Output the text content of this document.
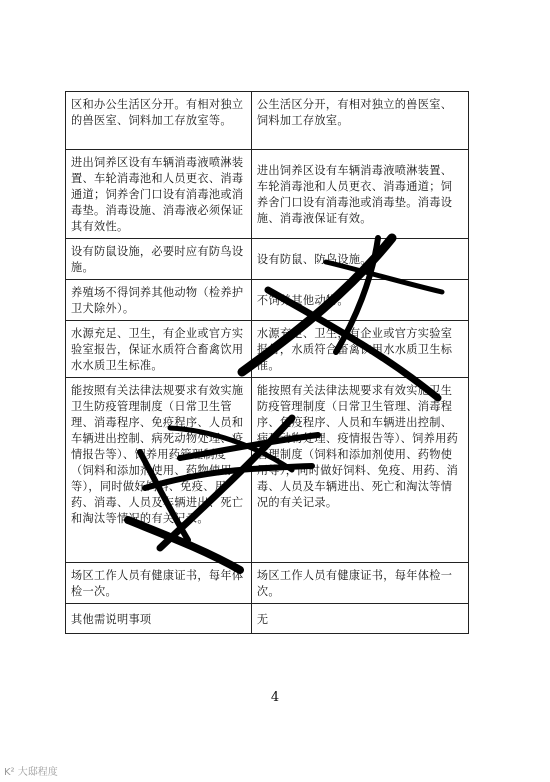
区和办公生活区分开。有相对独立的兽医室、饲料加工存放室等。	公生活区分开，有相对独立的兽医室、饲料加工存放室。
进出饲养区设有车辆消毒液喷淋装置、车轮消毒池和人员更衣、消毒通道；饲养舍门口设有消毒池或消毒垫。消毒设施、消毒液必须保证其有效性。	进出饲养区设有车辆消毒液喷淋装置、车轮消毒池和人员更衣、消毒通道；饲养舍门口设有消毒池或消毒垫。消毒设施、消毒液保证有效。
设有防鼠设施，必要时应有防鸟设施。	设有防鼠、防鸟设施。
养殖场不得饲养其他动物（检养护卫犬除外）。	不饲养其他动物。
水源充足、卫生，有企业或官方实验室报告，保证水质符合畜禽饮用水水质卫生标准。	水源充足、卫生，有企业或官方实验室报告，水质符合畜禽饮用水水质卫生标准。
能按照有关法律法规要求有效实施卫生防疫管理制度（日常卫生管理、消毒程序、免疫程序、人员和车辆进出控制、病死动物处理、疫情报告等）、饲养用药管理制度（饲料和添加剂使用、药物使用等），同时做好饲料、免疫、用药、消毒、人员及车辆进出、死亡和淘汰等情况的有关记录。	能按照有关法律法规要求有效实施卫生防疫管理制度（日常卫生管理、消毒程序、免疫程序、人员和车辆进出控制、病死动物处理、疫情报告等）、饲养用药管理制度（饲料和添加剂使用、药物使用等），同时做好饲料、免疫、用药、消毒、人员及车辆进出、死亡和淘汰等情况的有关记录。
场区工作人员有健康证书，每年体检一次。	场区工作人员有健康证书，每年体检一次。
其他需说明事项	无
4
K² 大邸程度
